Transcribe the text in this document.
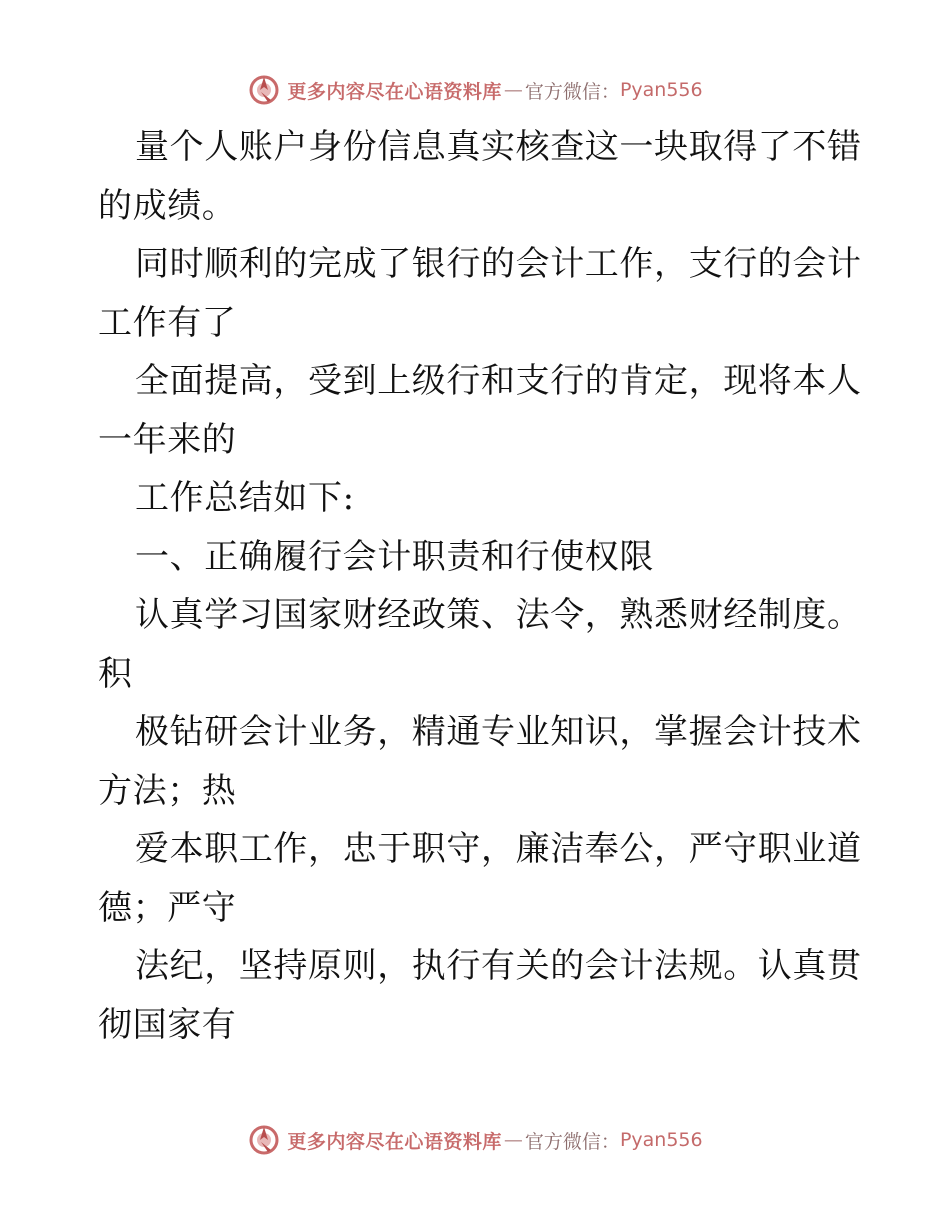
更多内容尽在心语资料库 — 官方微信： Pyan556
量个人账户身份信息真实核查这一块取得了不错
的成绩。
同时顺利的完成了银行的会计工作，支行的会计
工作有了
全面提高，受到上级行和支行的肯定，现将本人
一年来的
工作总结如下:
一、正确履行会计职责和行使权限
认真学习国家财经政策、法令，熟悉财经制度。
积
极钻研会计业务，精通专业知识，掌握会计技术
方法；热
爱本职工作，忠于职守，廉洁奉公，严守职业道
德；严守
法纪，坚持原则，执行有关的会计法规。认真贯
彻国家有
更多内容尽在心语资料库 — 官方微信： Pyan556
